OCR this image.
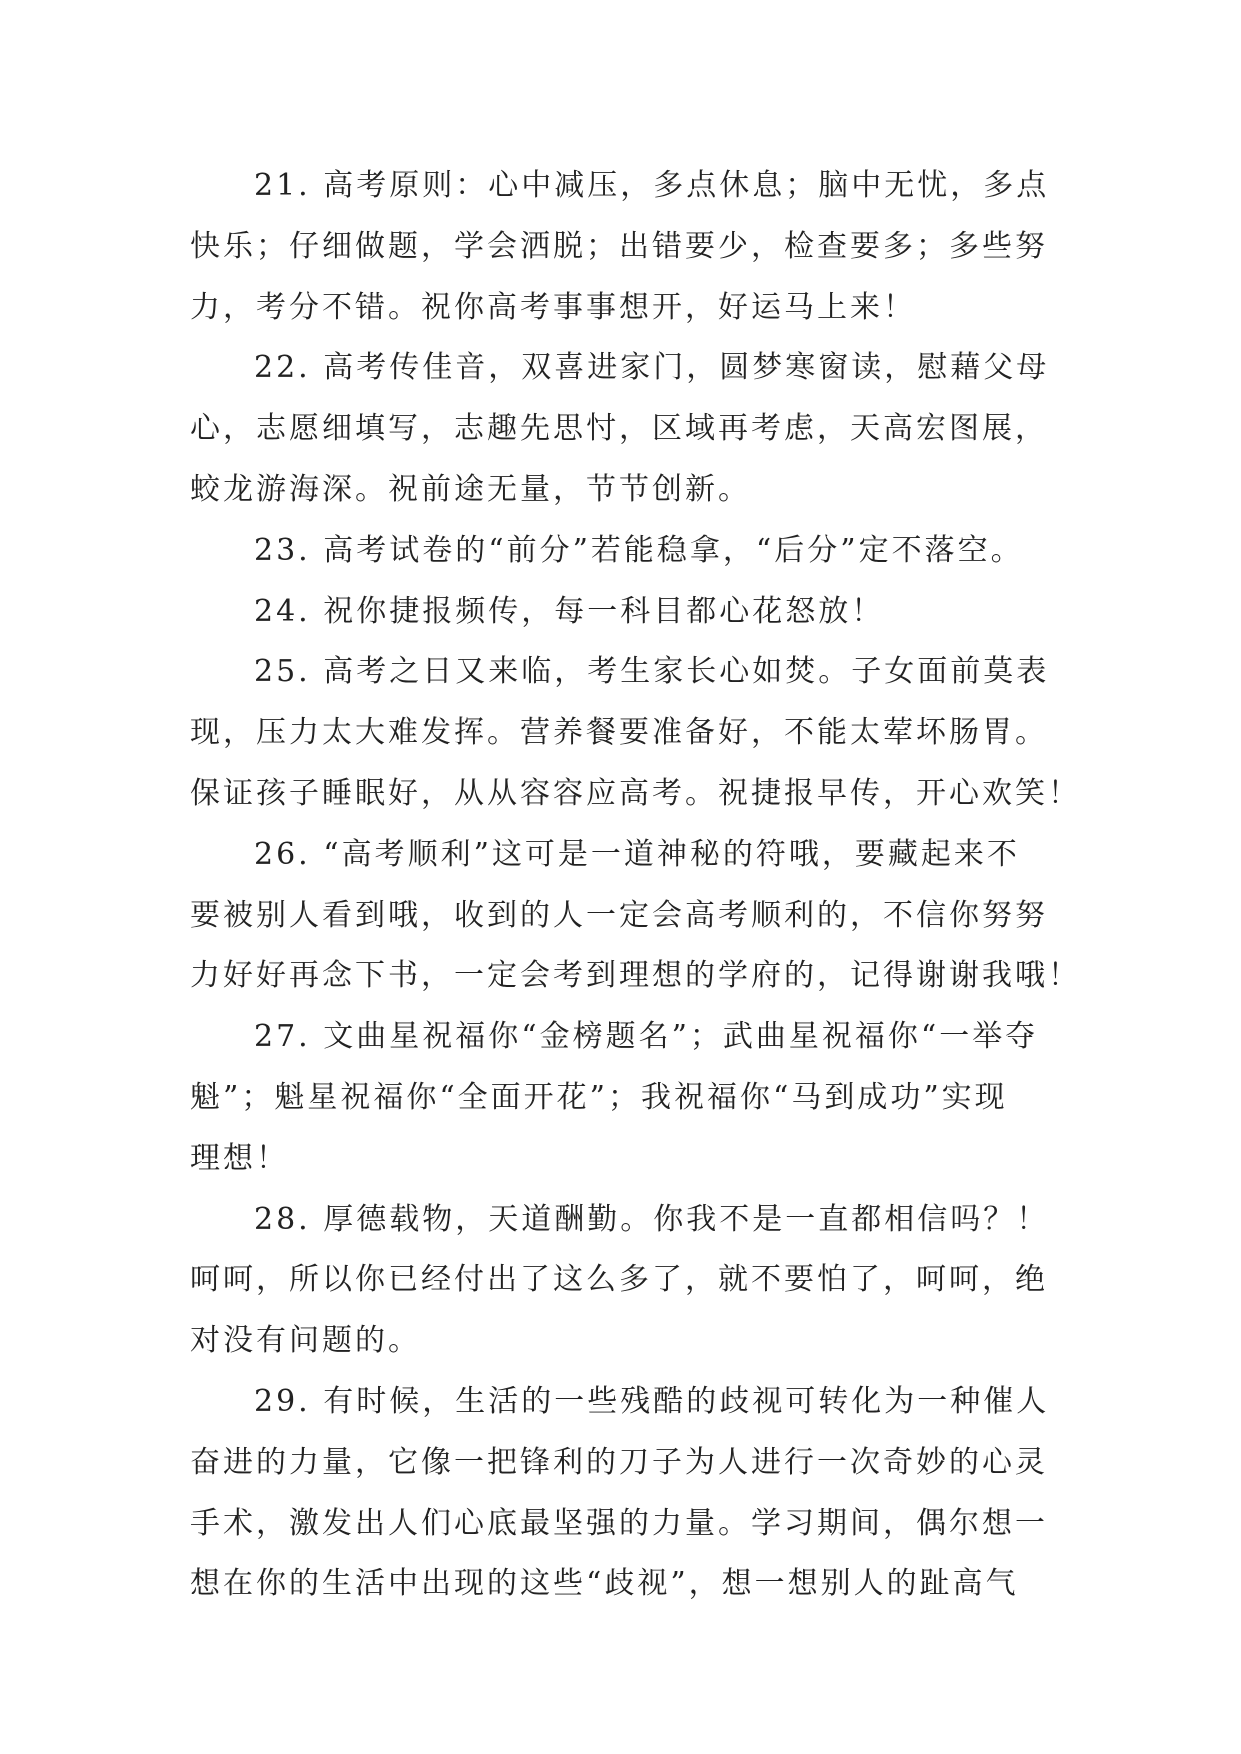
21. 高考原则：心中减压，多点休息；脑中无忧，多点
快乐；仔细做题，学会洒脱；出错要少，检查要多；多些努
力，考分不错。祝你高考事事想开，好运马上来！
22. 高考传佳音，双喜进家门，圆梦寒窗读，慰藉父母
心，志愿细填写，志趣先思忖，区域再考虑，天高宏图展，
蛟龙游海深。祝前途无量，节节创新。
23. 高考试卷的“前分”若能稳拿，“后分”定不落空。
24. 祝你捷报频传，每一科目都心花怒放！
25. 高考之日又来临，考生家长心如焚。子女面前莫表
现，压力太大难发挥。营养餐要准备好，不能太荤坏肠胃。
保证孩子睡眠好，从从容容应高考。祝捷报早传，开心欢笑！
26. “高考顺利”这可是一道神秘的符哦，要藏起来不
要被别人看到哦，收到的人一定会高考顺利的，不信你努努
力好好再念下书，一定会考到理想的学府的，记得谢谢我哦！
27. 文曲星祝福你“金榜题名”；武曲星祝福你“一举夺
魁”；魁星祝福你“全面开花”；我祝福你“马到成功”实现
理想！
28. 厚德载物，天道酬勤。你我不是一直都相信吗？！
呵呵，所以你已经付出了这么多了，就不要怕了，呵呵，绝
对没有问题的。
29. 有时候，生活的一些残酷的歧视可转化为一种催人
奋进的力量，它像一把锋利的刀子为人进行一次奇妙的心灵
手术，激发出人们心底最坚强的力量。学习期间，偶尔想一
想在你的生活中出现的这些“歧视”，想一想别人的趾高气
